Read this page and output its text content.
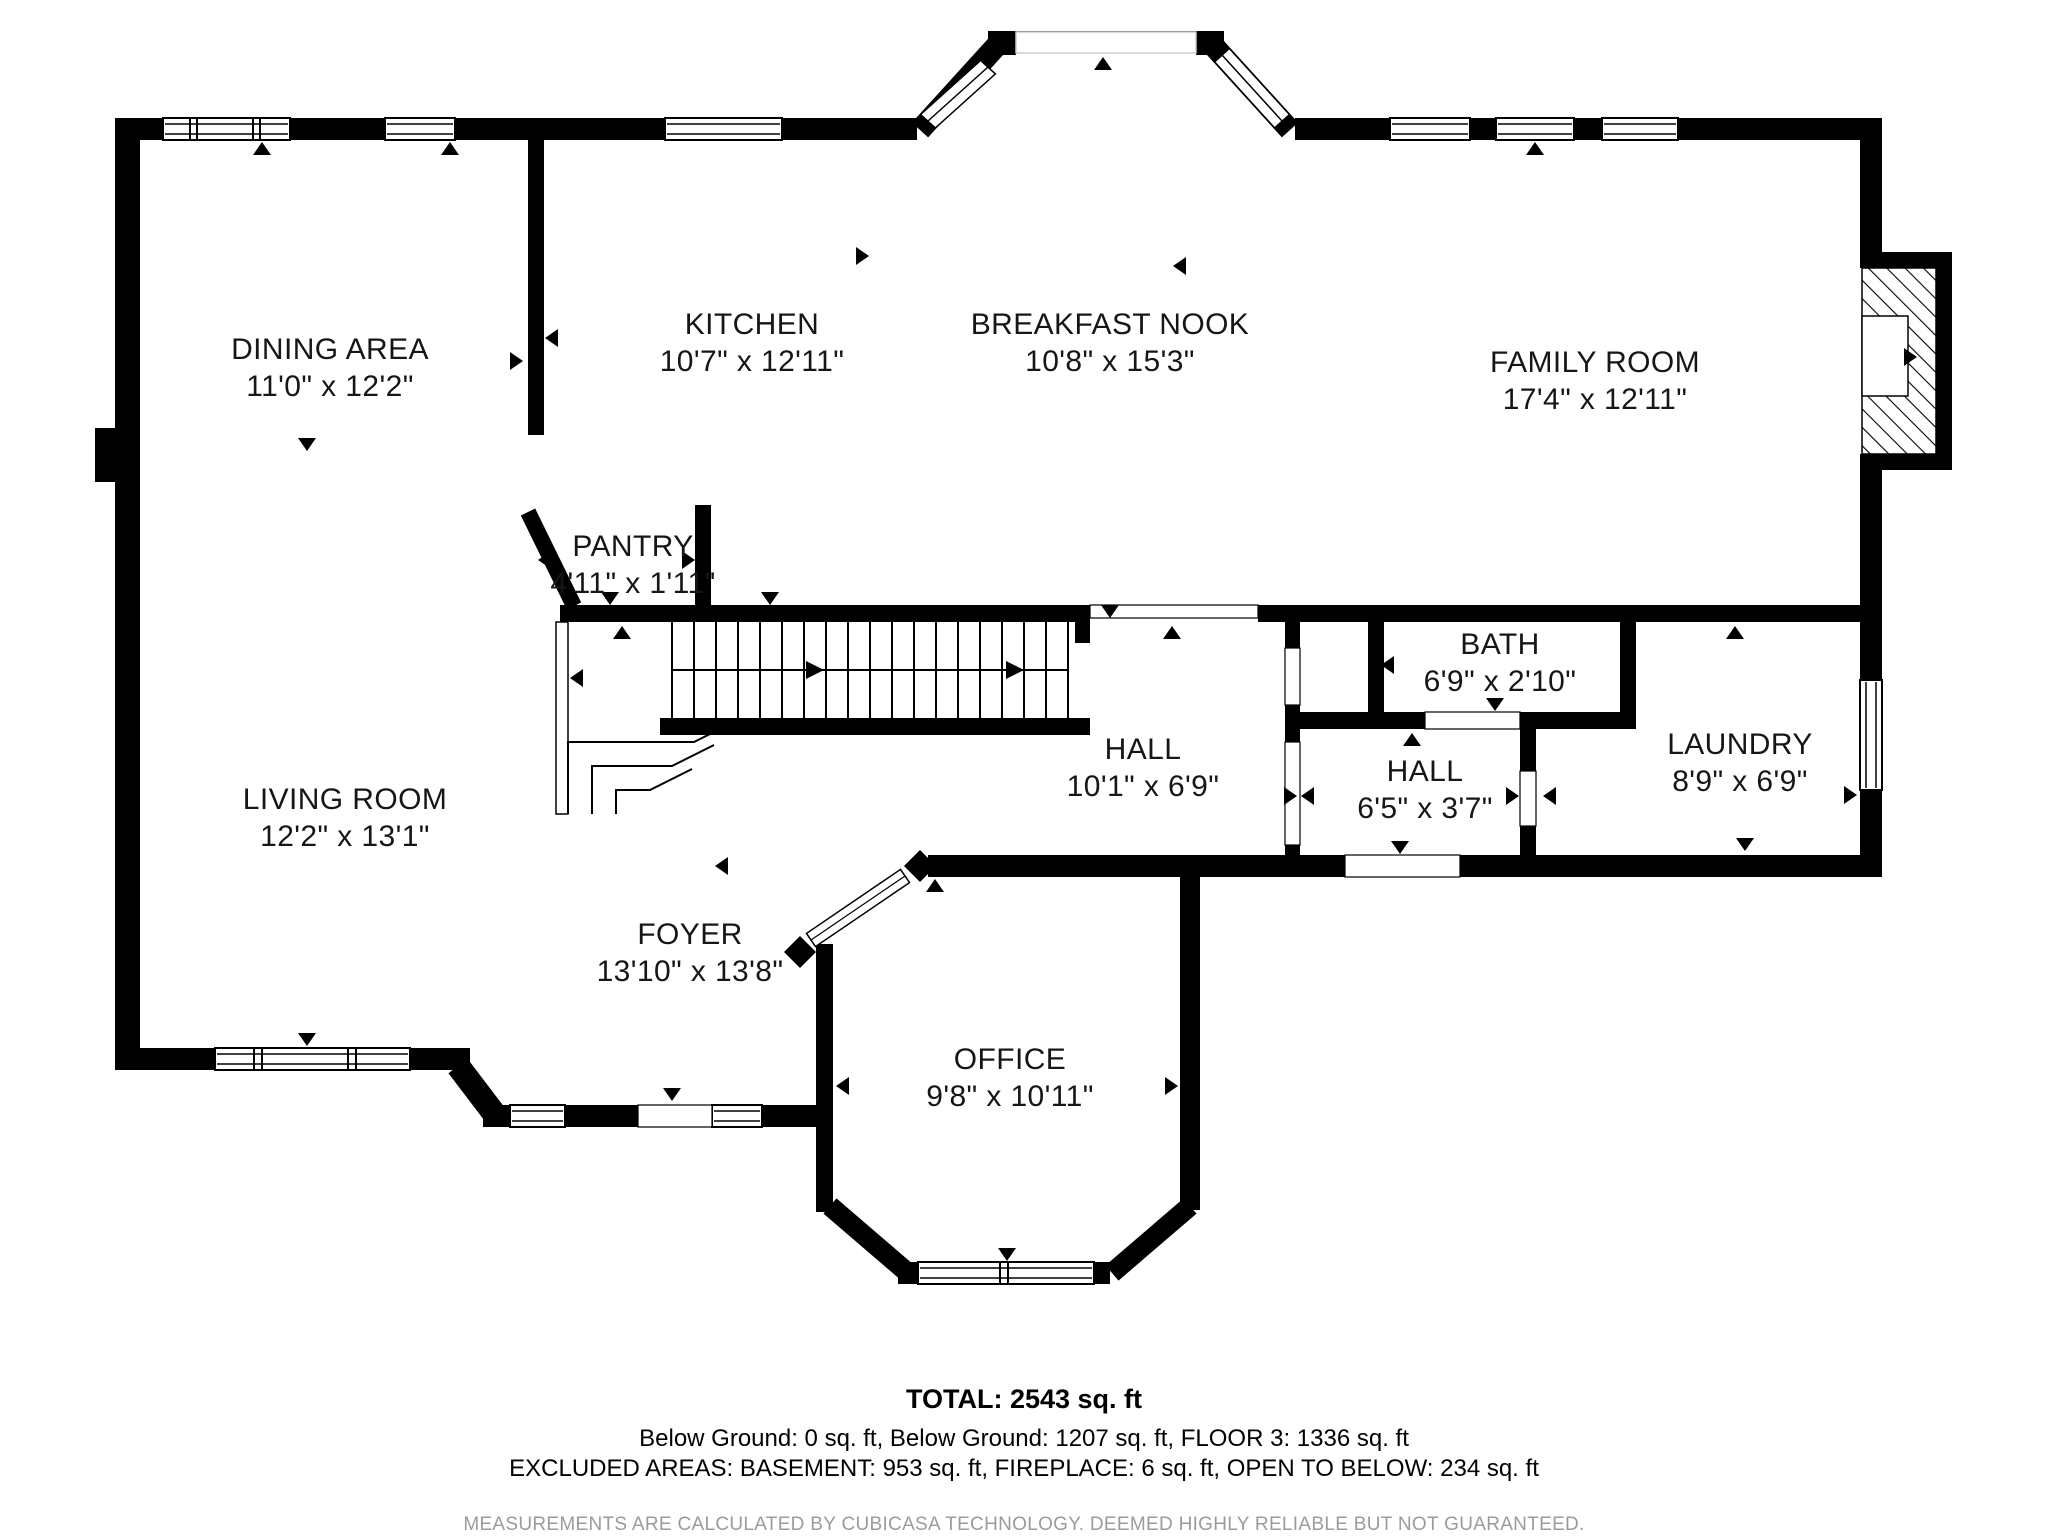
DINING AREA
11'0" x 12'2"
KITCHEN
10'7" x 12'11"
BREAKFAST NOOK
10'8" x 15'3"	FAMILY ROOM
17'4" x 12'11"
PANTRY
4'11" x 1'11"
LIVING ROOM
12'2" x 13'1"
HALL
10'1" x 6'9"
BATH
6'9" x 2'10"
HALL
6'5" x 3'7"
LAUNDRY
8'9" x 6'9"
FOYER
13'10" x 13'8"
OFFICE
9'8" x 10'11"
TOTAL: 2543 sq. ft
Below Ground: 0 sq. ft, Below Ground: 1207 sq. ft, FLOOR 3: 1336 sq. ft
EXCLUDED AREAS: BASEMENT: 953 sq. ft, FIREPLACE: 6 sq. ft, OPEN TO BELOW: 234 sq. ft
MEASUREMENTS ARE CALCULATED BY CUBICASA TECHNOLOGY. DEEMED HIGHLY RELIABLE BUT NOT GUARANTEED.
